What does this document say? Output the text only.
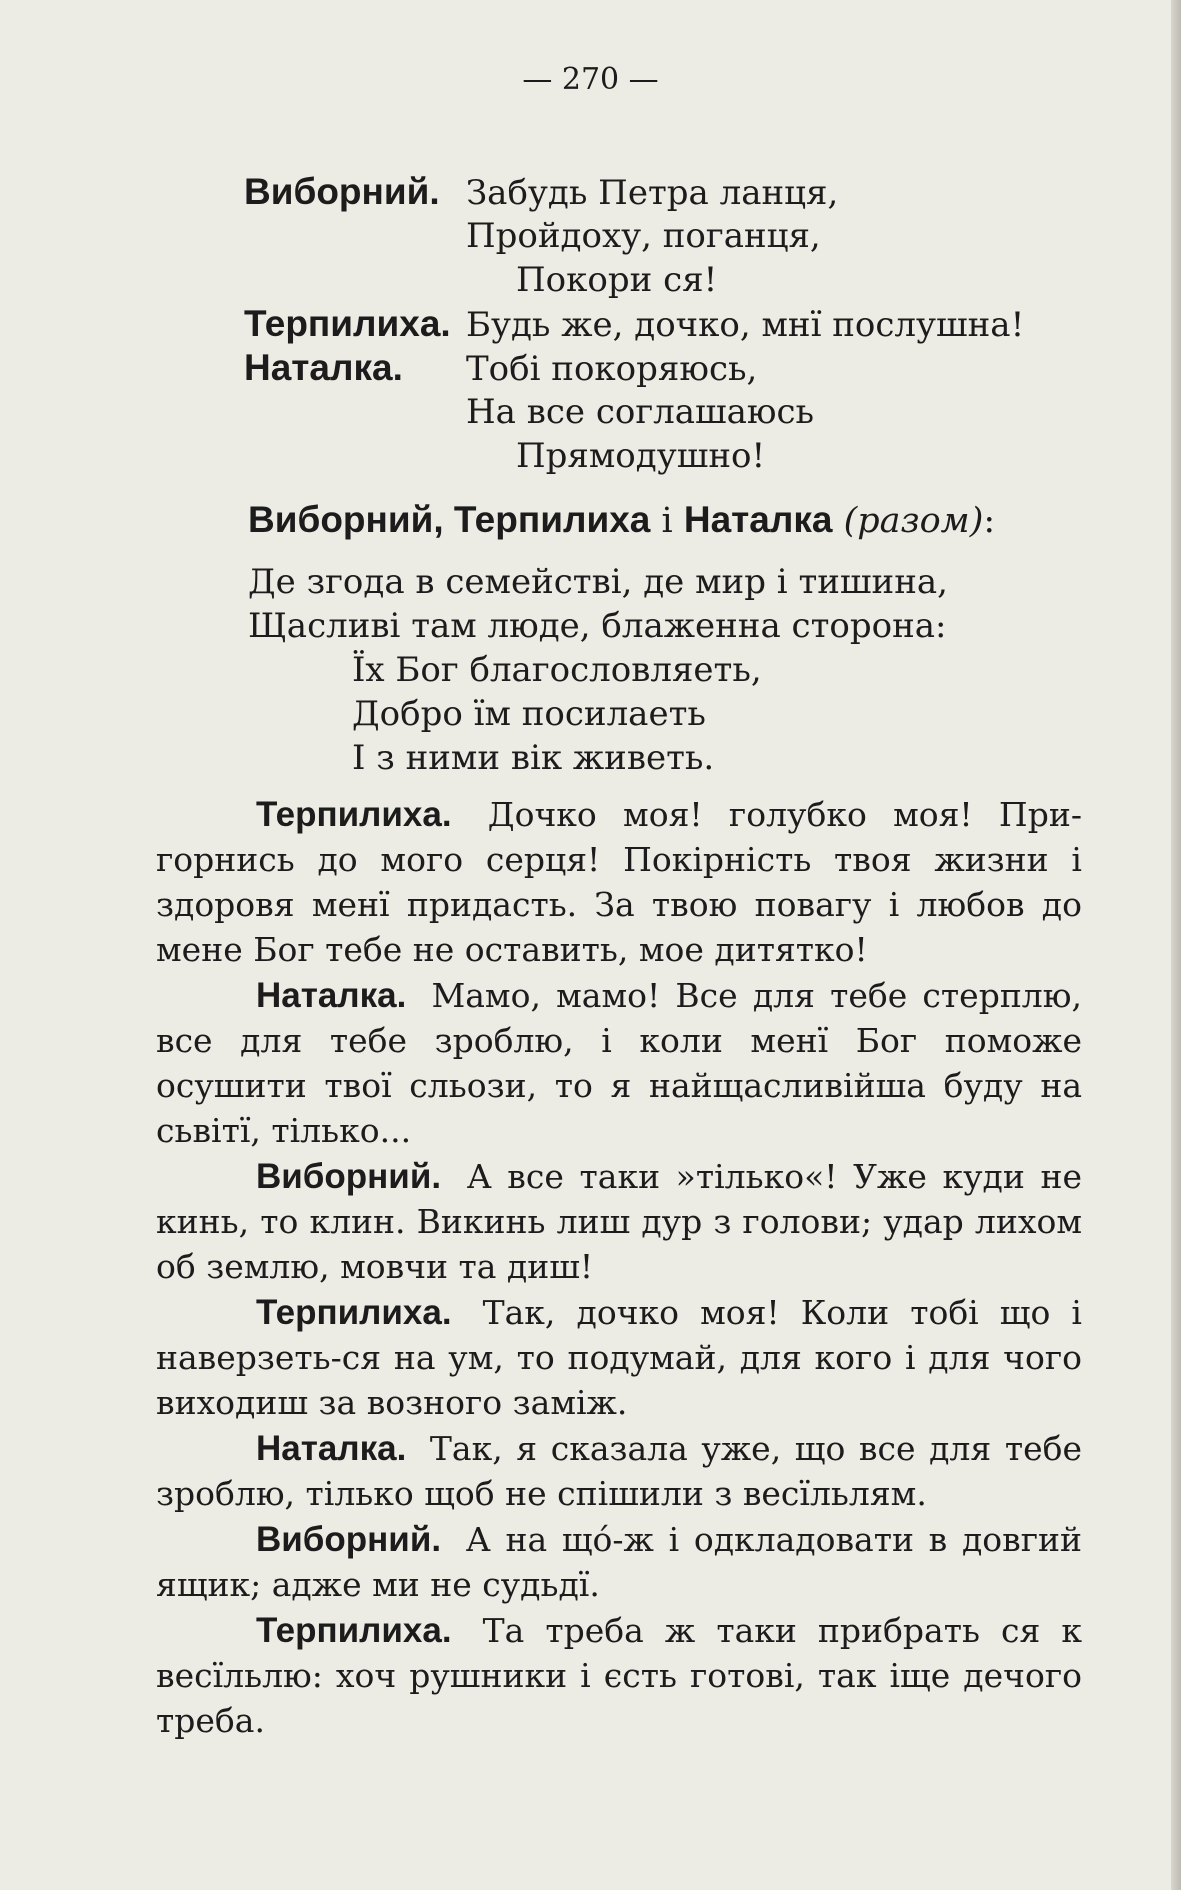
— 270 —
Виборний. Забудь Петра ланця,
Пройдоху, поганця,
Покори ся!
Терпилиха. Будь же, дочко, мнї послушна!
Наталка.	Тобі покоряюсь,
На все соглашаюсь
Прямодушно!
Виборний, Терпилиха і Наталка (разом):
Де згода в семействі, де мир і тишина,
Щасливі там люде, блаженна сторона:
Їх Бог благословляеть,
Добро їм посилаеть
І з ними вік живеть.

Терпилиха. Дочко моя! голубко моя! Пригорнись до мого серця! Покірність твоя жизни і здоровя менї придасть. За твою повагу і любов до мене Бог тебе не оставить, мое дитятко!

Наталка. Мамо, мамо! Все для тебе стерплю, все для тебе зроблю, і коли менї Бог поможе осушити твої сльози, то я найщасливійша буду на сьвітї, тілько...

Виборний. А все таки »тілько«! Уже куди не кинь, то клин. Викинь лиш дур з голови; удар лихом об землю, мовчи та диш!

Терпилиха. Так, дочко моя! Коли тобі що і наверзеть-ся на ум, то подумай, для кого і для чого виходиш за возного заміж.

Наталка. Так, я сказала уже, що все для тебе зроблю, тілько щоб не спішили з весїльлям.

Виборний. А на щó-ж і одкладовати в довгий ящик; адже ми не судьдї.

Терпилиха. Та треба ж таки прибрать ся к весїльлю: хоч рушники і єсть готові, так іще дечого треба.
